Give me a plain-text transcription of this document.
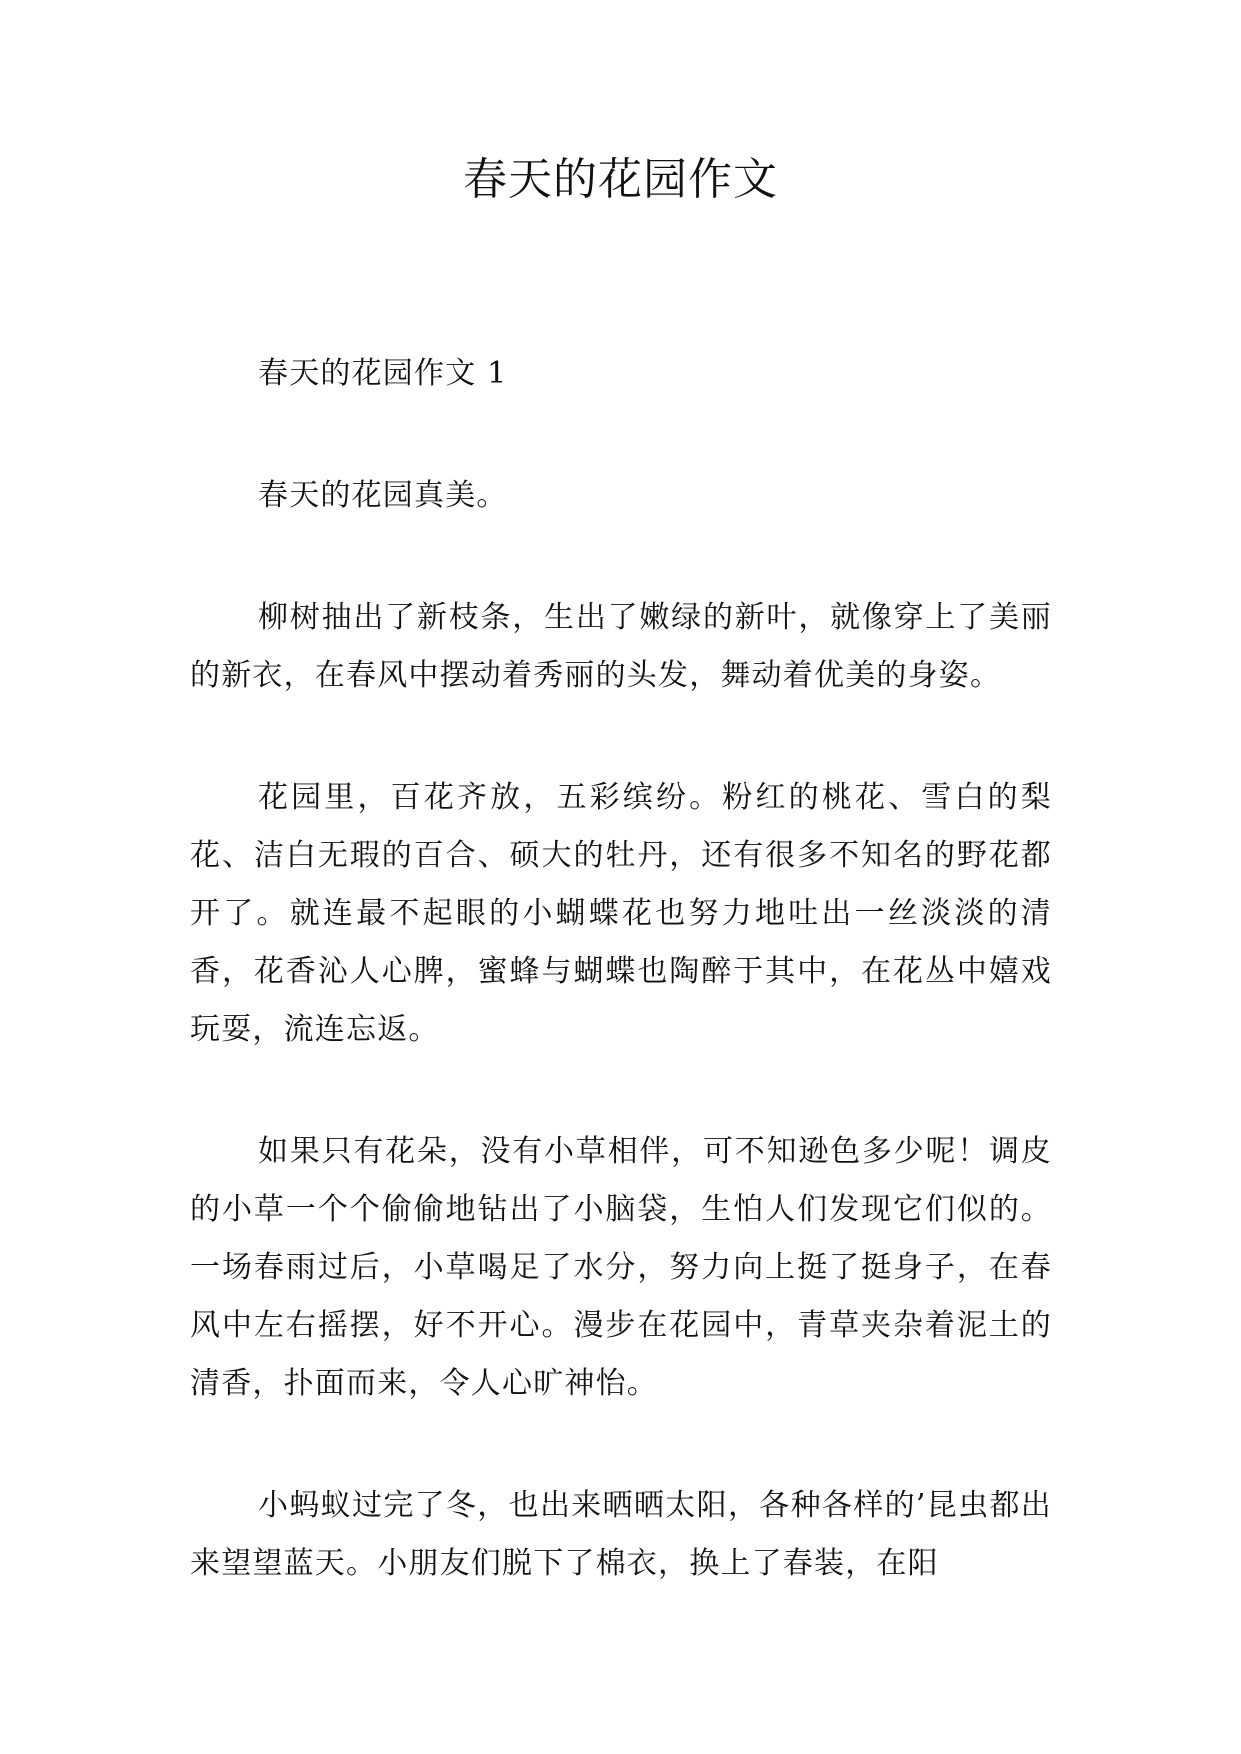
春天的花园作文

春天的花园作文 1

春天的花园真美。

柳树抽出了新枝条，生出了嫩绿的新叶，就像穿上了美丽的新衣，在春风中摆动着秀丽的头发，舞动着优美的身姿。

花园里，百花齐放，五彩缤纷。粉红的桃花、雪白的梨花、洁白无瑕的百合、硕大的牡丹，还有很多不知名的野花都开了。就连最不起眼的小蝴蝶花也努力地吐出一丝淡淡的清香，花香沁人心脾，蜜蜂与蝴蝶也陶醉于其中，在花丛中嬉戏玩耍，流连忘返。

如果只有花朵，没有小草相伴，可不知逊色多少呢！调皮的小草一个个偷偷地钻出了小脑袋，生怕人们发现它们似的。一场春雨过后，小草喝足了水分，努力向上挺了挺身子，在春风中左右摇摆，好不开心。漫步在花园中，青草夹杂着泥土的清香，扑面而来，令人心旷神怡。

小蚂蚁过完了冬，也出来晒晒太阳，各种各样的’昆虫都出来望望蓝天。小朋友们脱下了棉衣，换上了春装，在阳
